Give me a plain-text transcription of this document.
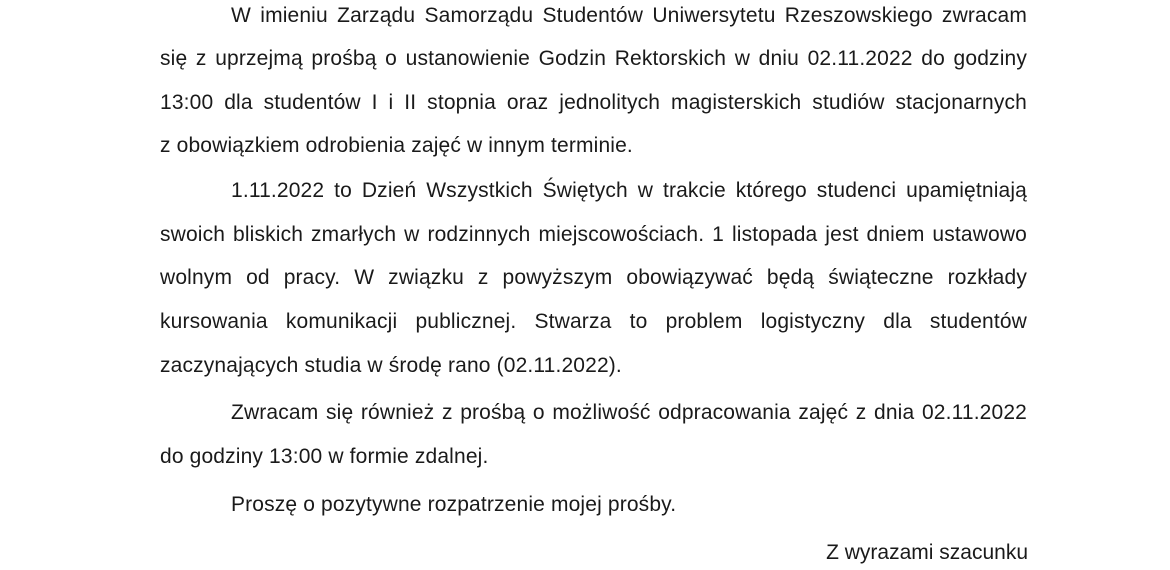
W imieniu Zarządu Samorządu Studentów Uniwersytetu Rzeszowskiego zwracam
się z uprzejmą prośbą o ustanowienie Godzin Rektorskich w dniu 02.11.2022 do godziny
13:00 dla studentów I i II stopnia oraz jednolitych magisterskich studiów stacjonarnych
z obowiązkiem odrobienia zajęć w innym terminie.
1.11.2022 to Dzień Wszystkich Świętych w trakcie którego studenci upamiętniają
swoich bliskich zmarłych w rodzinnych miejscowościach. 1 listopada jest dniem ustawowo
wolnym od pracy. W związku z powyższym obowiązywać będą świąteczne rozkłady
kursowania komunikacji publicznej. Stwarza to problem logistyczny dla studentów
zaczynających studia w środę rano (02.11.2022).
Zwracam się również z prośbą o możliwość odpracowania zajęć z dnia 02.11.2022
do godziny 13:00 w formie zdalnej.
Proszę o pozytywne rozpatrzenie mojej prośby.
Z wyrazami szacunku
